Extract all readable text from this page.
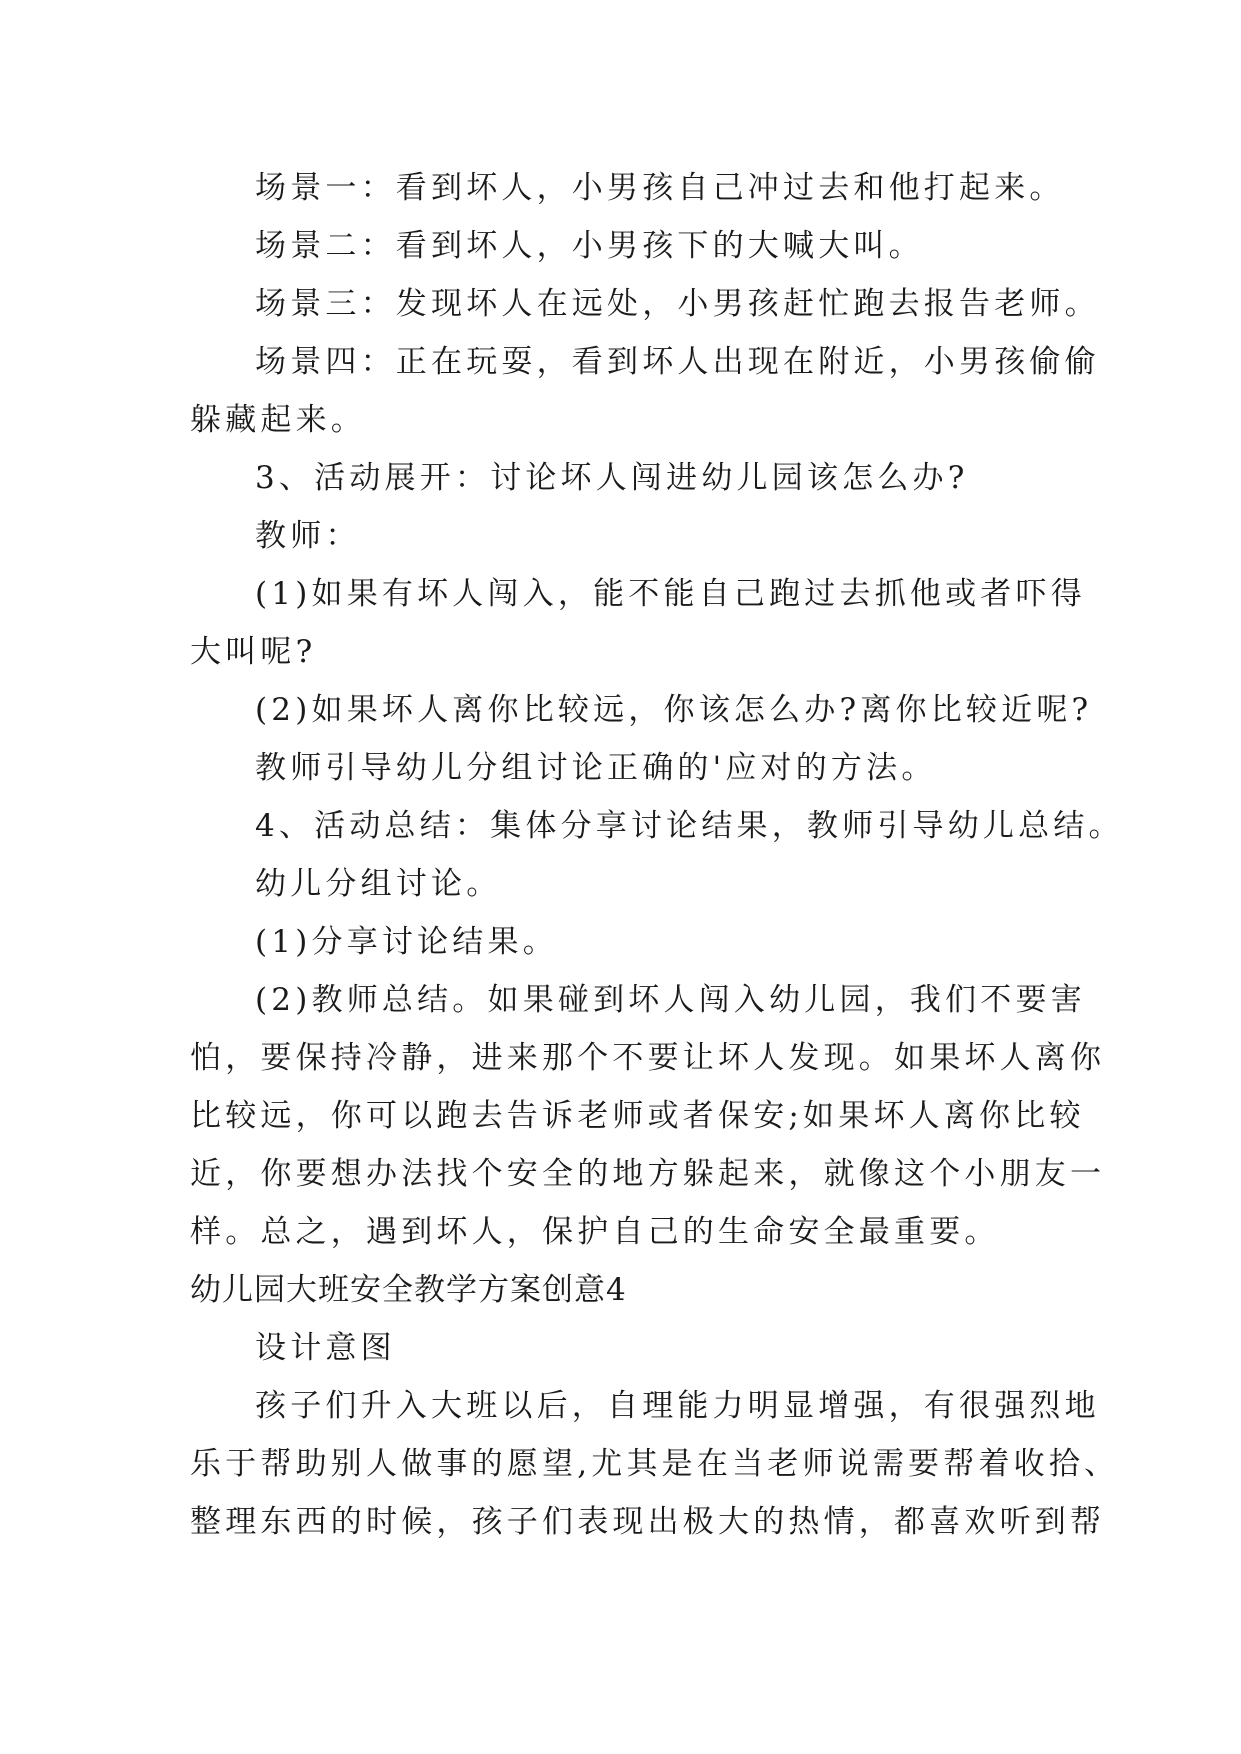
场景一：看到坏人，小男孩自己冲过去和他打起来。

场景二：看到坏人，小男孩下的大喊大叫。

场景三：发现坏人在远处，小男孩赶忙跑去报告老师。

场景四：正在玩耍，看到坏人出现在附近，小男孩偷偷

躲藏起来。

3、活动展开：讨论坏人闯进幼儿园该怎么办?

教师：

(1)如果有坏人闯入，能不能自己跑过去抓他或者吓得

大叫呢?

(2)如果坏人离你比较远，你该怎么办?离你比较近呢?

教师引导幼儿分组讨论正确的'应对的方法。

4、活动总结：集体分享讨论结果，教师引导幼儿总结。

幼儿分组讨论。

(1)分享讨论结果。

(2)教师总结。如果碰到坏人闯入幼儿园，我们不要害

怕，要保持冷静，进来那个不要让坏人发现。如果坏人离你

比较远，你可以跑去告诉老师或者保安;如果坏人离你比较

近，你要想办法找个安全的地方躲起来，就像这个小朋友一

样。总之，遇到坏人，保护自己的生命安全最重要。

幼儿园大班安全教学方案创意4

设计意图

孩子们升入大班以后，自理能力明显增强，有很强烈地

乐于帮助别人做事的愿望,尤其是在当老师说需要帮着收拾、

整理东西的时候，孩子们表现出极大的热情，都喜欢听到帮
